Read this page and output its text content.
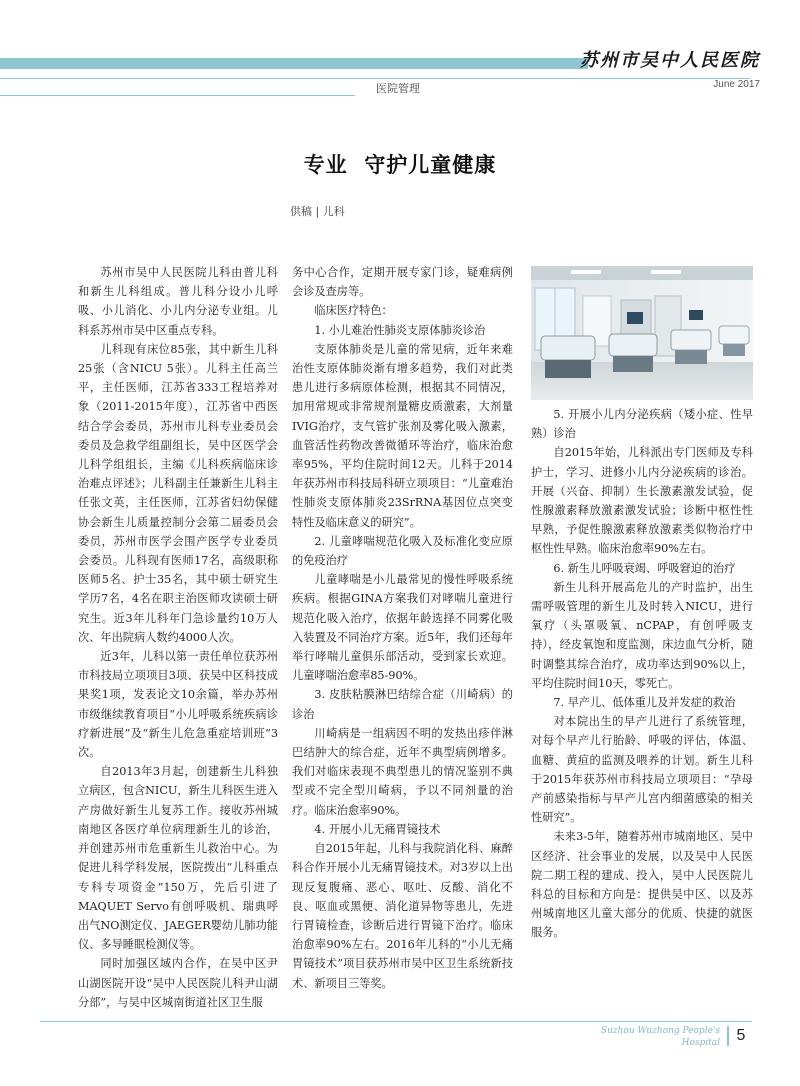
苏州市吴中人民医院
June 2017
医院管理
专业  守护儿童健康
供稿 | 儿科

苏州市吴中人民医院儿科由普儿科和新生儿科组成。普儿科分设小儿呼吸、小儿消化、小儿内分泌专业组。儿科系苏州市吴中区重点专科。

儿科现有床位85张，其中新生儿科25张（含NICU 5张）。儿科主任高兰平，主任医师，江苏省333工程培养对象（2011-2015年度），江苏省中西医结合学会委员，苏州市儿科专业委员会委员及急救学组副组长，吴中区医学会儿科学组组长，主编《儿科疾病临床诊治难点评述》；儿科副主任兼新生儿科主任张文英，主任医师，江苏省妇幼保健协会新生儿质量控制分会第二届委员会委员，苏州市医学会围产医学专业委员会委员。儿科现有医师17名，高级职称医师5名、护士35名，其中硕士研究生学历7名，4名在职主治医师攻读硕士研究生。近3年儿科年门急诊量约10万人次、年出院病人数约4000人次。

近3年，儿科以第一责任单位获苏州市科技局立项项目3项、获吴中区科技成果奖1项，发表论文10余篇，举办苏州市级继续教育项目“小儿呼吸系统疾病诊疗新进展”及“新生儿危急重症培训班”3次。

自2013年3月起，创建新生儿科独立病区，包含NICU，新生儿科医生进入产房做好新生儿复苏工作。接收苏州城南地区各医疗单位病理新生儿的诊治，并创建苏州市危重新生儿救治中心。为促进儿科学科发展，医院拨出“儿科重点专科专项资金”150万，先后引进了MAQUET Servo有创呼吸机、瑞典呼出气NO测定仪、JAEGER婴幼儿肺功能仪、多导睡眠检测仪等。

同时加强区域内合作，在吴中区尹山湖医院开设“吴中人民医院儿科尹山湖分部”，与吴中区城南街道社区卫生服

务中心合作，定期开展专家门诊，疑难病例会诊及查房等。

临床医疗特色：

1. 小儿难治性肺炎支原体肺炎诊治

支原体肺炎是儿童的常见病，近年来难治性支原体肺炎渐有增多趋势，我们对此类患儿进行多病原体检测，根据其不同情况，加用常规或非常规剂量糖皮质激素，大剂量IVIG治疗，支气管扩张剂及雾化吸入激素，血管活性药物改善微循环等治疗，临床治愈率95%，平均住院时间12天。儿科于2014年获苏州市科技局科研立项项目：“儿童难治性肺炎支原体肺炎23SrRNA基因位点突变特性及临床意义的研究”。

2. 儿童哮喘规范化吸入及标准化变应原的免疫治疗

儿童哮喘是小儿最常见的慢性呼吸系统疾病。根据GINA方案我们对哮喘儿童进行规范化吸入治疗，依据年龄选择不同雾化吸入装置及不同治疗方案。近5年，我们还每年举行哮喘儿童俱乐部活动，受到家长欢迎。儿童哮喘治愈率85-90%。

3. 皮肤粘膜淋巴结综合症（川崎病）的诊治

川崎病是一组病因不明的发热出疹伴淋巴结肿大的综合症，近年不典型病例增多。我们对临床表现不典型患儿的情况鉴别不典型或不完全型川崎病，予以不同剂量的治疗。临床治愈率90%。

4. 开展小儿无痛胃镜技术

自2015年起，儿科与我院消化科、麻醉科合作开展小儿无痛胃镜技术。对3岁以上出现反复腹痛、恶心、呕吐、反酸、消化不良、呕血或黑便、消化道异物等患儿，先进行胃镜检查，诊断后进行胃镜下治疗。临床治愈率90%左右。2016年儿科的“小儿无痛胃镜技术”项目获苏州市吴中区卫生系统新技术、新项目三等奖。

5. 开展小儿内分泌疾病（矮小症、性早熟）诊治

自2015年始，儿科派出专门医师及专科护士，学习、进修小儿内分泌疾病的诊治。开展（兴奋、抑制）生长激素激发试验，促性腺激素释放激素激发试验；诊断中枢性性早熟，予促性腺激素释放激素类似物治疗中枢性性早熟。临床治愈率90%左右。

6. 新生儿呼吸衰竭、呼吸窘迫的治疗

新生儿科开展高危儿的产时监护，出生需呼吸管理的新生儿及时转入NICU，进行氧疗（头罩吸氧、nCPAP，有创呼吸支持），经皮氧饱和度监测，床边血气分析，随时调整其综合治疗，成功率达到90%以上，平均住院时间10天，零死亡。

7. 早产儿、低体重儿及并发症的救治

对本院出生的早产儿进行了系统管理，对每个早产儿行胎龄、呼吸的评估，体温、血糖、黄疸的监测及喂养的计划。新生儿科于2015年获苏州市科技局立项项目：“孕母产前感染指标与早产儿宫内细菌感染的相关性研究”。

未来3-5年，随着苏州市城南地区、吴中区经济、社会事业的发展，以及吴中人民医院二期工程的建成、投入，吴中人民医院儿科总的目标和方向是：提供吴中区、以及苏州城南地区儿童大部分的优质、快捷的就医服务。

Suzhou Wuzhong People's Hospital	5
